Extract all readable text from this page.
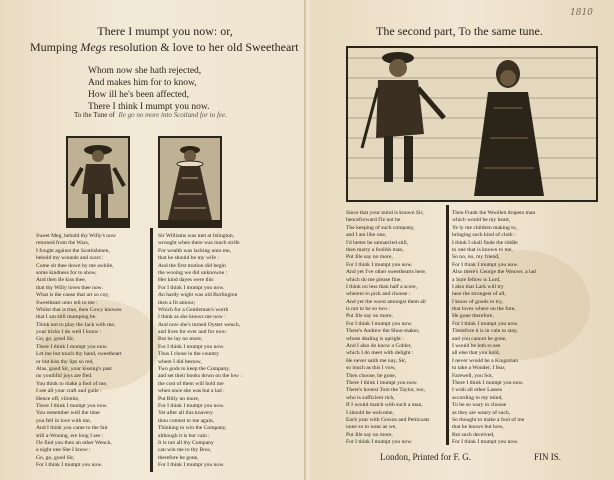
There I mumpt you now: or,
Mumping Megs resolution & love to her old Sweetheart
Whom now she hath rejected,
And makes him for to know,
How ill he's been affected,
There I think I mumpt you now.
To the Tune of Ile go no more into Scotland for to fee.
Sweet Meg, behold thy Willy's now
returned from the Wars,
I fought against the Scottishmen,
behold my wounds and scars :
Come sit thee down by me awhile,
some kindness for to show,
And then Ile kiss thee,
that thy Willy loves thee now.
What is the cause that art so coy,
Sweetheart unto tell to me :
Whilst that is true, then Cowy knowes
that I am still mumping be.
Think not to play the Jack with me,
your tricks I do well I know :
Go, go, good Sir,
There I think I mumpt you now.
Let me but touch thy hand, sweetheart
or but kiss thy lips so red,
Alas, good Sir, your kissing's past
no youthful joys are fled.
You think to make a fool of me,
I see all your craft and guile :
Hence off, vilomie,
There I think I mumpt you now.
You remember well the time
you fell in love with me,
And I think you came to the fair
still a-Wooing, ere long I see :
I'le find you then an other Wench,
a night one She I know :
Go, go, good Sir,
For I think I mumpt you now.
Sir Williams was met at Islington,
wrought when there was much strife
For wealth was lacking unto me,
that he should be my wife :
And the first motion did begin
the wooing we did unknowne :
Her kind dayes were this
For I think I mumpt you now.
An hardy wight was old Burlington
then a fit amour;
Which for a Gentleman's worth
I think as she knows me now :
And now she's turned Oyster wench,
and lives for ever and for now:
But be lay no more,
For I think I mumpt you now.
Thus I chose in the country
where I did bestow,
Two gods to keep the Company,
and set their books down on the low :
the cost of them will hold me
when once she was but a lad :
Put Billy no more,
For I think I mumpt you now.
Yet after all this knavery
thou comest to me again,
Thinking to win the Company,
although it is but vain :
It is not all thy Company
can win me to thy Bow,
therefore be gone,
For I think I mumpt you now.
Since that your mind is known Sir,
henceforward I'le not be
The keeping of such company,
and I am like one,
I'd better be unmarried still,
then marry a foolish man,
Put Jile say no more,
For I think I mumpt you now.
And yet I've other sweethearts here,
which do me please fine,
I think no less than half a score,
whereto to pick and choose :
And yet the worst amongst them all
is not to be so two :
Put Jile say no more,
For I think I mumpt you now.
There's Andrew the Shoo-maker,
whose dealing is upright :
And I also do know a Cobler,
which I do meet with delight :
He never saith me nay, Sir,
so much as this I vow,
Then choose, be gone,
There I think I mumpt you now.
There's honest Tom the Taylor, too,
who is sufficient rich,
If I would match with such a man,
I should be welcome,
Each year with Gowns and Petticoats
none so to wear as we,
Put Jile say no more,
For I think I mumpt you now.
Then Frank the Woollen drapers man
which would be my heart,
Ye ly me children making to,
bringing such kind of cloth :
I think I shall finde the riddle
to one that is known to me,
So no, no, my friend,
For I think I mumpt you now.
Also there's George the Weaver, a lad
a Sure fellow is Lord,
I also that Lark will try
hear the strongest of all,
I know of goods to try,
that loves where on the fore,
He gone therefore,
For I think I mumpt you now.
Therefore it is in vain to stay,
and you cannot be gone,
I would be loth to see
all else that you hold,
I never would be a Kingsman
to take a Wonder, I fear,
Farewell, you Sot,
There I think I mumpt you now.
I wish all other Lasses
according to my mind,
To be so wary to choose
as they are weary of such,
So thought to make a fool of me
that he knows but how,
But such deceived,
For I think I mumpt you now.
1810
The second part, To the same tune.
London, Printed for F. G.	FIN IS.
